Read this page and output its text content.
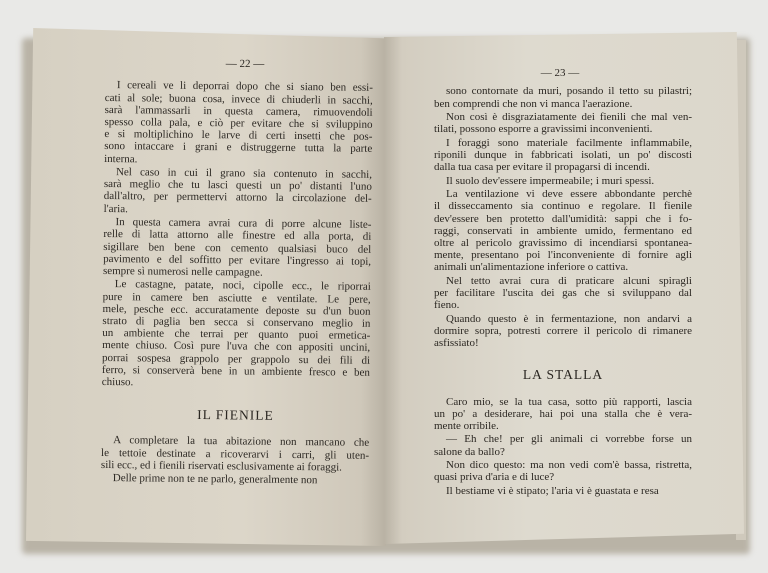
— 22 —
— 23 —
I cereali ve li deporrai dopo che si siano ben essi-
cati al sole; buona cosa, invece di chiuderli in sacchi,
sarà l'ammassarli in questa camera, rimuovendoli
spesso colla pala, e ciò per evitare che si sviluppino
e si moltiplichino le larve di certi insetti che pos-
sono intaccare i grani e distruggerne tutta la parte
interna.
Nel caso in cui il grano sia contenuto in sacchi,
sarà meglio che tu lasci questi un po' distanti l'uno
dall'altro, per permettervi attorno la circolazione del-
l'aria.
In questa camera avrai cura di porre alcune liste-
relle di latta attorno alle finestre ed alla porta, di
sigillare ben bene con cemento qualsiasi buco del
pavimento e del soffitto per evitare l'ingresso ai topi,
sempre sì numerosi nelle campagne.
Le castagne, patate, noci, cipolle ecc., le riporrai
pure in camere ben asciutte e ventilate. Le pere,
mele, pesche ecc. accuratamente deposte su d'un buon
strato di paglia ben secca si conservano meglio in
un ambiente che terrai per quanto puoi ermetica-
mente chiuso. Così pure l'uva che con appositi uncini,
porrai sospesa grappolo per grappolo su dei fili di
ferro, si conserverà bene in un ambiente fresco e ben
chiuso.
IL FIENILE
A completare la tua abitazione non mancano che
le tettoie destinate a ricoverarvi i carri, gli uten-
sili ecc., ed i fienili riservati esclusivamente ai foraggi.
Delle prime non te ne parlo, generalmente non
sono contornate da muri, posando il tetto su pilastri;
ben comprendi che non vi manca l'aerazione.
Non così è disgraziatamente dei fienili che mal ven-
tilati, possono esporre a gravissimi inconvenienti.
I foraggi sono materiale facilmente inflammabile,
riponili dunque in fabbricati isolati, un po' discosti
dalla tua casa per evitare il propagarsi di incendi.
Il suolo dev'essere impermeabile; i muri spessi.
La ventilazione vi deve essere abbondante perchè
il disseccamento sia continuo e regolare. Il fienile
dev'essere ben protetto dall'umidità: sappi che i fo-
raggi, conservati in ambiente umido, fermentano ed
oltre al pericolo gravissimo di incendiarsi spontanea-
mente, presentano poi l'inconveniente di fornire agli
animali un'alimentazione inferiore o cattiva.
Nel tetto avrai cura di praticare alcuni spiragli
per facilitare l'uscita dei gas che si sviluppano dal
fieno.
Quando questo è in fermentazione, non andarvi a
dormire sopra, potresti correre il pericolo di rimanere
asfissiato!
LA STALLA
Caro mio, se la tua casa, sotto più rapporti, lascia
un po' a desiderare, hai poi una stalla che è vera-
mente orribile.
— Eh che! per gli animali ci vorrebbe forse un
salone da ballo?
Non dico questo: ma non vedi com'è bassa, ristretta,
quasi priva d'aria e di luce?
Il bestiame vi è stipato; l'aria vi è guastata e resa
